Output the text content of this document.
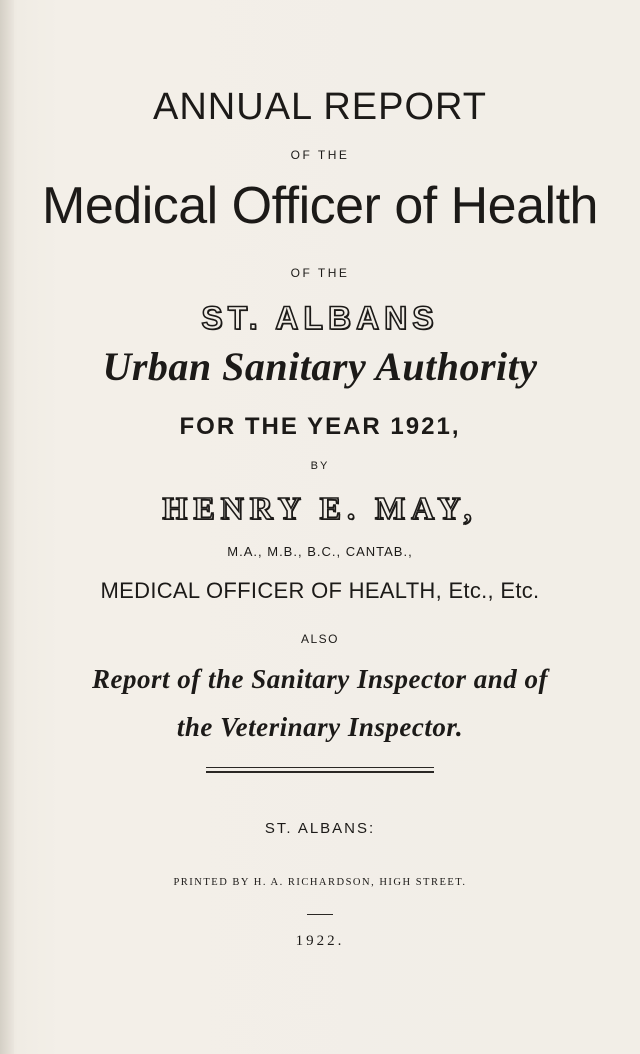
ANNUAL REPORT
OF THE
Medical Officer of Health
OF THE
ST. ALBANS
Urban Sanitary Authority
FOR THE YEAR 1921,
BY
HENRY E. MAY,
M.A., M.B., B.C., CANTAB.,
MEDICAL OFFICER OF HEALTH, Etc., Etc.
ALSO
Report of the Sanitary Inspector and of
the Veterinary Inspector.
ST. ALBANS:
PRINTED BY H. A. RICHARDSON, HIGH STREET.
1922.
